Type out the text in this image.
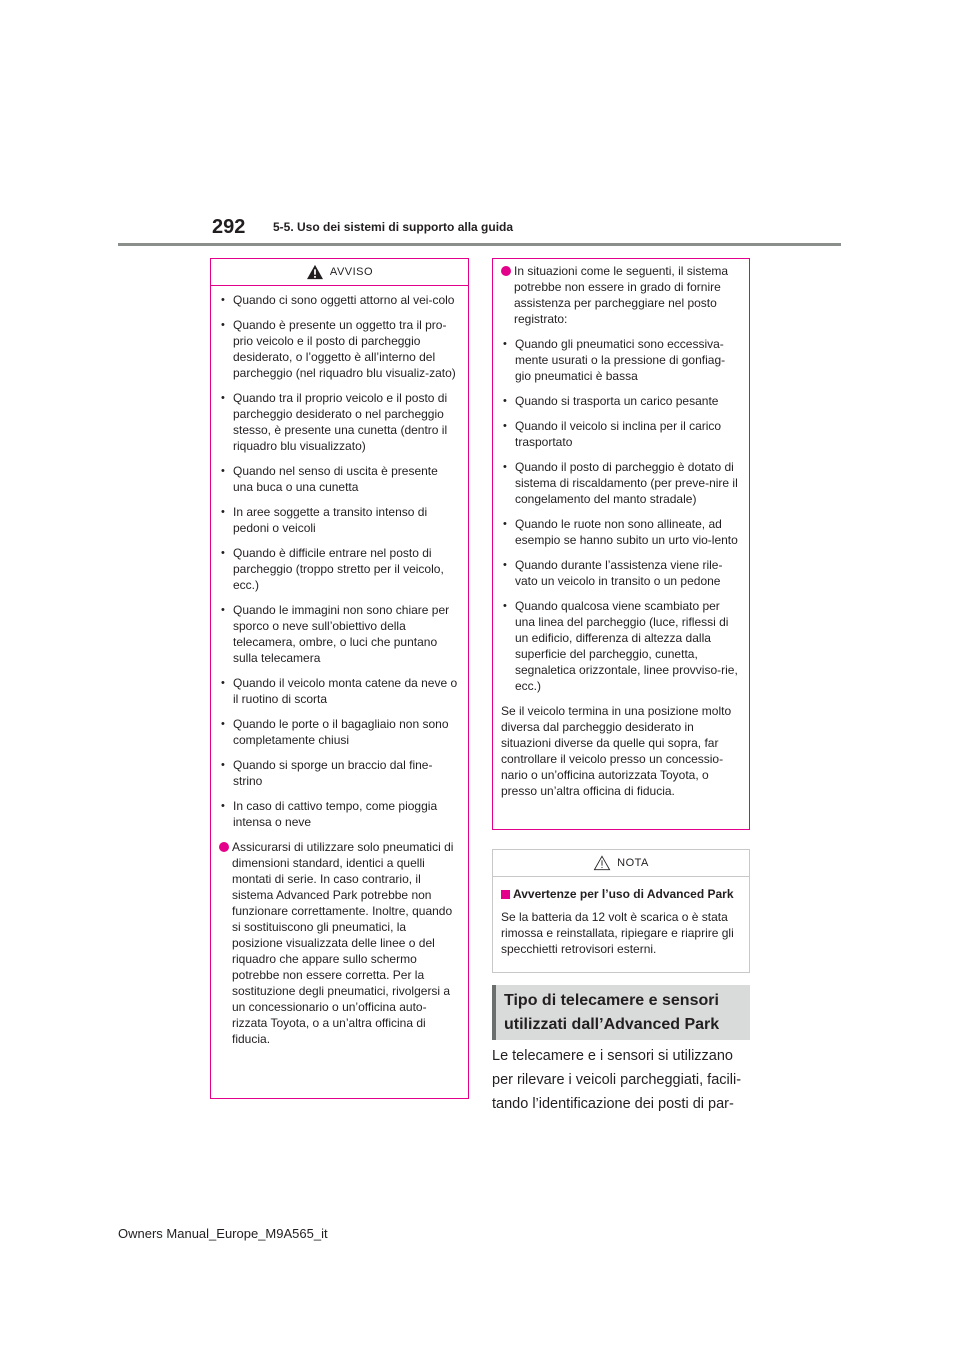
292 5-5. Uso dei sistemi di supporto alla guida
AVVISO
• Quando ci sono oggetti attorno al vei-colo
• Quando è presente un oggetto tra il pro-prio veicolo e il posto di parcheggio desiderato, o l’oggetto è all’interno del parcheggio (nel riquadro blu visualiz-zato)
• Quando tra il proprio veicolo e il posto di parcheggio desiderato o nel parcheggio stesso, è presente una cunetta (dentro il riquadro blu visualizzato)
• Quando nel senso di uscita è presente una buca o una cunetta
• In aree soggette a transito intenso di pedoni o veicoli
• Quando è difficile entrare nel posto di parcheggio (troppo stretto per il veicolo, ecc.)
• Quando le immagini non sono chiare per sporco o neve sull’obiettivo della telecamera, ombre, o luci che puntano sulla telecamera
• Quando il veicolo monta catene da neve o il ruotino di scorta
• Quando le porte o il bagagliaio non sono completamente chiusi
• Quando si sporge un braccio dal fine-strino
• In caso di cattivo tempo, come pioggia intensa o neve
Assicurarsi di utilizzare solo pneumatici di dimensioni standard, identici a quelli montati di serie. In caso contrario, il sistema Advanced Park potrebbe non funzionare correttamente. Inoltre, quando si sostituiscono gli pneumatici, la posizione visualizzata delle linee o del riquadro che appare sullo schermo potrebbe non essere corretta. Per la sostituzione degli pneumatici, rivolgersi a un concessionario o un’officina auto-rizzata Toyota, o a un’altra officina di fiducia.
In situazioni come le seguenti, il sistema potrebbe non essere in grado di fornire assistenza per parcheggiare nel posto registrato:
• Quando gli pneumatici sono eccessiva-mente usurati o la pressione di gonfiag-gio pneumatici è bassa
• Quando si trasporta un carico pesante
• Quando il veicolo si inclina per il carico trasportato
• Quando il posto di parcheggio è dotato di sistema di riscaldamento (per preve-nire il congelamento del manto stradale)
• Quando le ruote non sono allineate, ad esempio se hanno subito un urto vio-lento
• Quando durante l’assistenza viene rile-vato un veicolo in transito o un pedone
• Quando qualcosa viene scambiato per una linea del parcheggio (luce, riflessi di un edificio, differenza di altezza dalla superficie del parcheggio, cunetta, segnaletica orizzontale, linee provviso-rie, ecc.)
Se il veicolo termina in una posizione molto diversa dal parcheggio desiderato in situazioni diverse da quelle qui sopra, far controllare il veicolo presso un concessio-nario o un’officina autorizzata Toyota, o presso un’altra officina di fiducia.
NOTA
Avvertenze per l’uso di Advanced Park
Se la batteria da 12 volt è scarica o è stata rimossa e reinstallata, ripiegare e riaprire gli specchietti retrovisori esterni.
Tipo di telecamere e sensori utilizzati dall’Advanced Park
Le telecamere e i sensori si utilizzano per rilevare i veicoli parcheggiati, facili-tando l’identificazione dei posti di par-
Owners Manual_Europe_M9A565_it
